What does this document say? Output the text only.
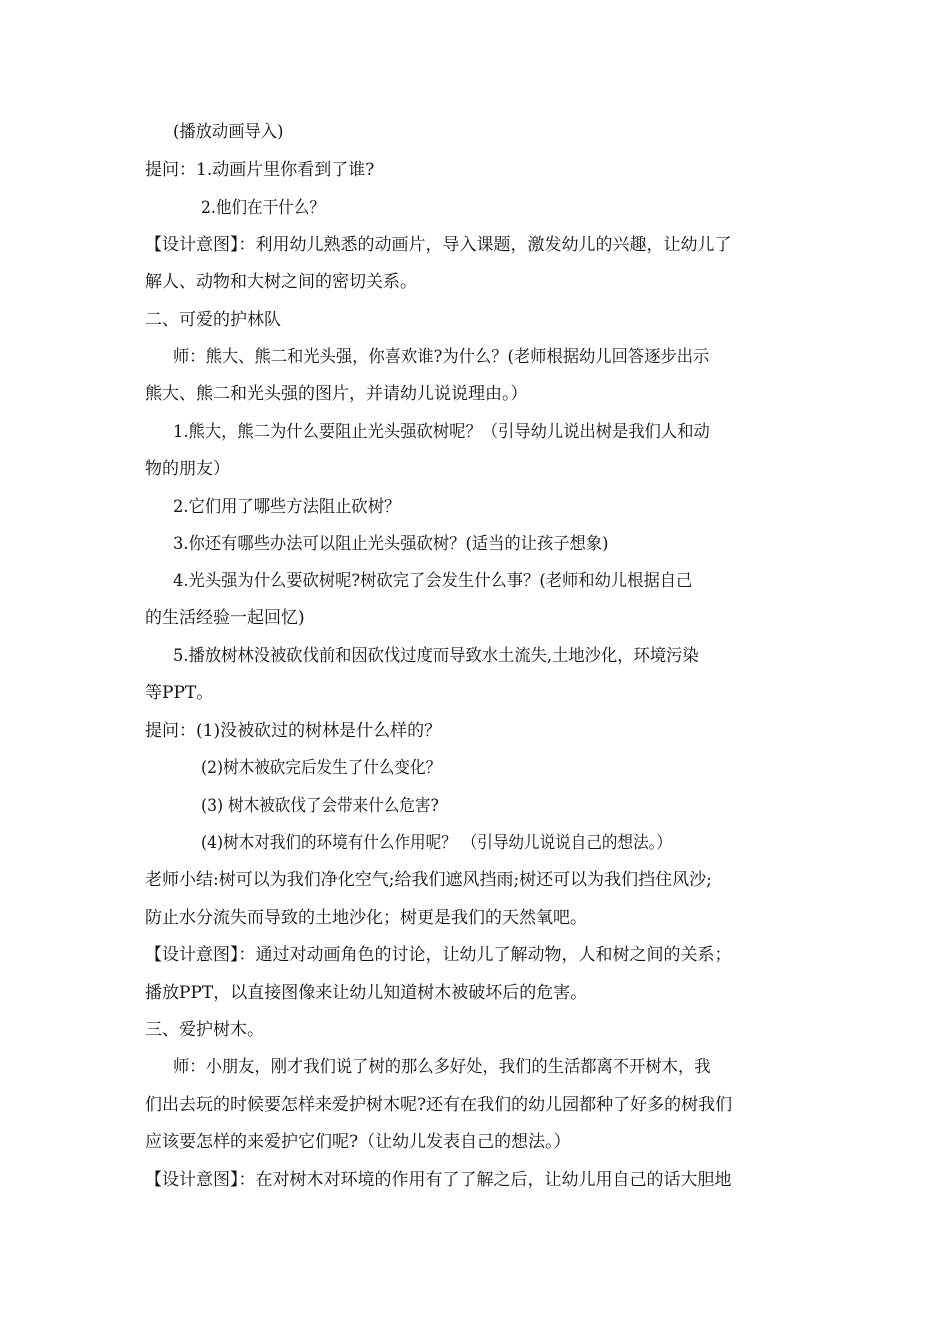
(播放动画导入)
提问：1.动画片里你看到了谁?
2.他们在干什么？
【设计意图】：利用幼儿熟悉的动画片，导入课题，激发幼儿的兴趣，让幼儿了
解人、动物和大树之间的密切关系。
二、可爱的护林队
师：熊大、熊二和光头强，你喜欢谁?为什么？(老师根据幼儿回答逐步出示
熊大、熊二和光头强的图片，并请幼儿说说理由。）
1.熊大，熊二为什么要阻止光头强砍树呢？（引导幼儿说出树是我们人和动
物的朋友）
2.它们用了哪些方法阻止砍树？
3.你还有哪些办法可以阻止光头强砍树？(适当的让孩子想象)
4.光头强为什么要砍树呢?树砍完了会发生什么事？(老师和幼儿根据自己
的生活经验一起回忆)
5.播放树林没被砍伐前和因砍伐过度而导致水土流失,土地沙化，环境污染
等PPT。
提问：(1)没被砍过的树林是什么样的？
(2)树木被砍完后发生了什么变化？
(3) 树木被砍伐了会带来什么危害?
(4)树木对我们的环境有什么作用呢？ （引导幼儿说说自己的想法。）
老师小结:树可以为我们净化空气;给我们遮风挡雨;树还可以为我们挡住风沙;
防止水分流失而导致的土地沙化；树更是我们的天然氧吧。
【设计意图】：通过对动画角色的讨论，让幼儿了解动物，人和树之间的关系；
播放PPT，以直接图像来让幼儿知道树木被破坏后的危害。
三、爱护树木。
师：小朋友，刚才我们说了树的那么多好处，我们的生活都离不开树木，我
们出去玩的时候要怎样来爱护树木呢?还有在我们的幼儿园都种了好多的树我们
应该要怎样的来爱护它们呢?（让幼儿发表自己的想法。）
【设计意图】：在对树木对环境的作用有了了解之后，让幼儿用自己的话大胆地
